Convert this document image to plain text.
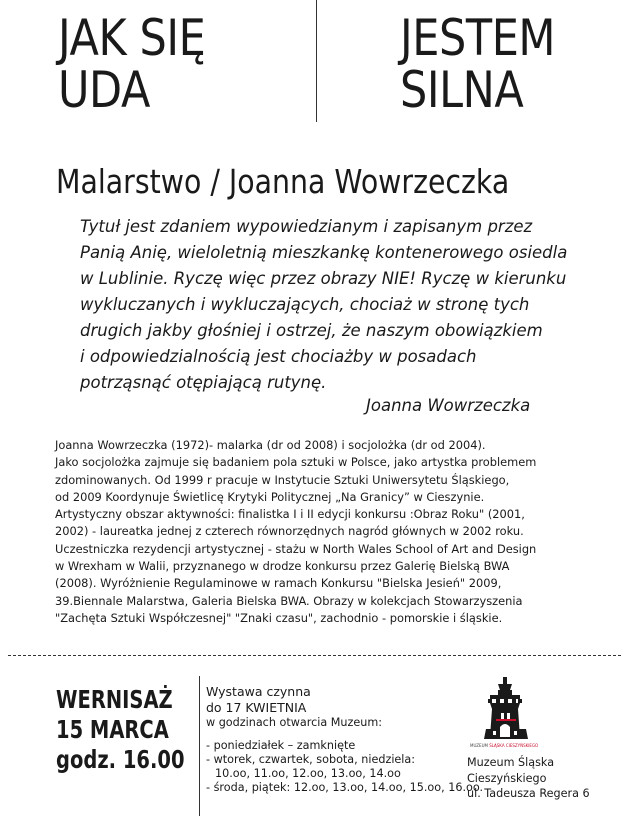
JAK SIĘ
UDA
JESTEM
SILNA
Malarstwo / Joanna Wowrzeczka

Tytuł jest zdaniem wypowiedzianym i zapisanym przez
Panią Anię, wieloletnią mieszkankę kontenerowego osiedla
w Lublinie. Ryczę więc przez obrazy NIE! Ryczę w kierunku
wykluczanych i wykluczających, chociaż w stronę tych
drugich jakby głośniej i ostrzej, że naszym obowiązkiem
i odpowiedzialnością jest chociażby w posadach
potrząsnąć otępiającą rutynę.

Joanna Wowrzeczka

Joanna Wowrzeczka (1972)- malarka (dr od 2008) i socjolożka (dr od 2004).
Jako socjolożka zajmuje się badaniem pola sztuki w Polsce, jako artystka problemem
zdominowanych. Od 1999 r pracuje w Instytucie Sztuki Uniwersytetu Śląskiego,
od 2009 Koordynuje Świetlicę Krytyki Politycznej „Na Granicy” w Cieszynie.
Artystyczny obszar aktywności: finalistka I i II edycji konkursu :Obraz Roku" (2001,
2002) - laureatka jednej z czterech równorzędnych nagród głównych w 2002 roku.
Uczestniczka rezydencji artystycznej - stażu w North Wales School of Art and Design
w Wrexham w Walii, przyznanego w drodze konkursu przez Galerię Bielską BWA
(2008). Wyróżnienie Regulaminowe w ramach Konkursu "Bielska Jesień" 2009,
39.Biennale Malarstwa, Galeria Bielska BWA. Obrazy w kolekcjach Stowarzyszenia
"Zachęta Sztuki Współczesnej" "Znaki czasu", zachodnio - pomorskie i śląskie.

WERNISAŻ
15 MARCA
godz. 16.00

Wystawa czynna
do 17 KWIETNIA
w godzinach otwarcia Muzeum:
- poniedziałek – zamknięte
- wtorek, czwartek, sobota, niedziela:
10.oo, 11.oo, 12.oo, 13.oo, 14.oo
- środa, piątek: 12.oo, 13.oo, 14.oo, 15.oo, 16.oo.
MUZEUM ŚLĄSKA CIESZYŃSKIEGO

Muzeum Śląska
Cieszyńskiego
ul. Tadeusza Regera 6
